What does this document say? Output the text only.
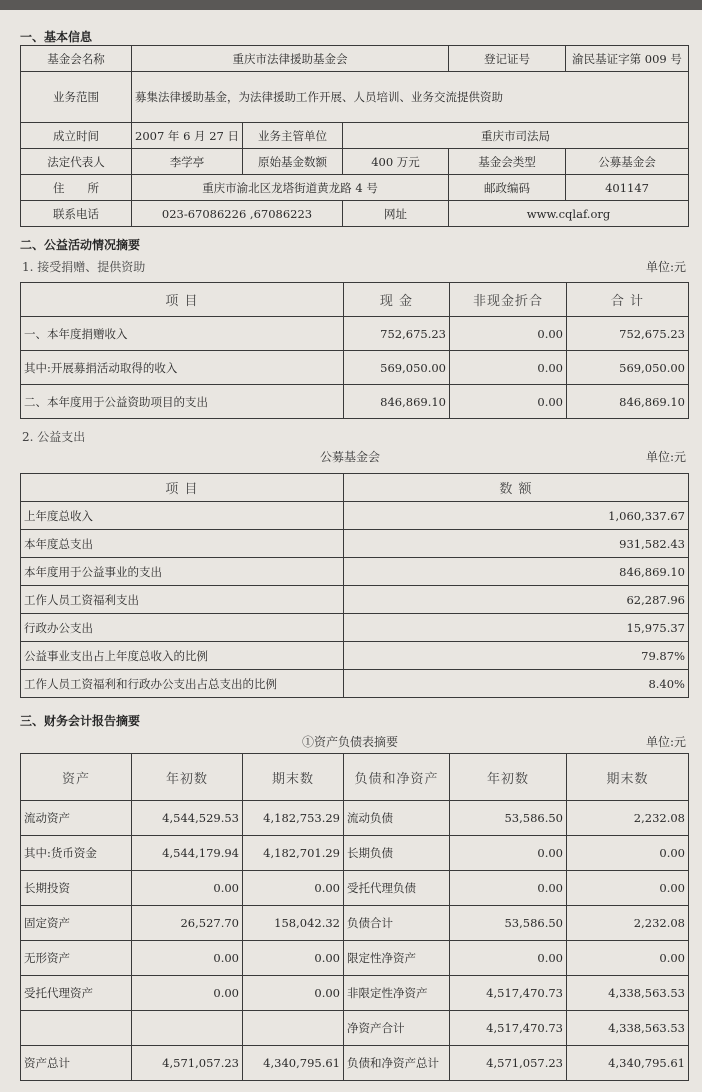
一、基本信息
基金会名称	重庆市法律援助基金会			登记证号	渝民基证字第 009 号
业务范围	募集法律援助基金，为法律援助工作开展、人员培训、业务交流提供资助				
成立时间	2007 年 6 月 27 日	业务主管单位	重庆市司法局		
法定代表人	李学亭	原始基金数额	400 万元	基金会类型	公募基金会
住　　所	重庆市渝北区龙塔街道黄龙路 4 号			邮政编码	401147
联系电话	023-67086226 ,67086223		网址	www.cqlaf.org	
二、公益活动情况摘要
1. 接受捐赠、提供资助	单位:元
项 目	现 金	非现金折合	合 计
一、本年度捐赠收入	752,675.23	0.00	752,675.23
其中:开展募捐活动取得的收入	569,050.00	0.00	569,050.00
二、本年度用于公益资助项目的支出	846,869.10	0.00	846,869.10
2. 公益支出
公募基金会	单位:元
项 目	数 额
上年度总收入	1,060,337.67
本年度总支出	931,582.43
本年度用于公益事业的支出	846,869.10
工作人员工资福利支出	62,287.96
行政办公支出	15,975.37
公益事业支出占上年度总收入的比例	79.87%
工作人员工资福利和行政办公支出占总支出的比例	8.40%
三、财务会计报告摘要
①资产负债表摘要	单位:元
资产	年初数	期末数	负债和净资产	年初数	期末数
流动资产	4,544,529.53	4,182,753.29	流动负债	53,586.50	2,232.08
其中:货币资金	4,544,179.94	4,182,701.29	长期负债	0.00	0.00
长期投资	0.00	0.00	受托代理负债	0.00	0.00
固定资产	26,527.70	158,042.32	负债合计	53,586.50	2,232.08
无形资产	0.00	0.00	限定性净资产	0.00	0.00
受托代理资产	0.00	0.00	非限定性净资产	4,517,470.73	4,338,563.53
			净资产合计	4,517,470.73	4,338,563.53
资产总计	4,571,057.23	4,340,795.61	负债和净资产总计	4,571,057.23	4,340,795.61
